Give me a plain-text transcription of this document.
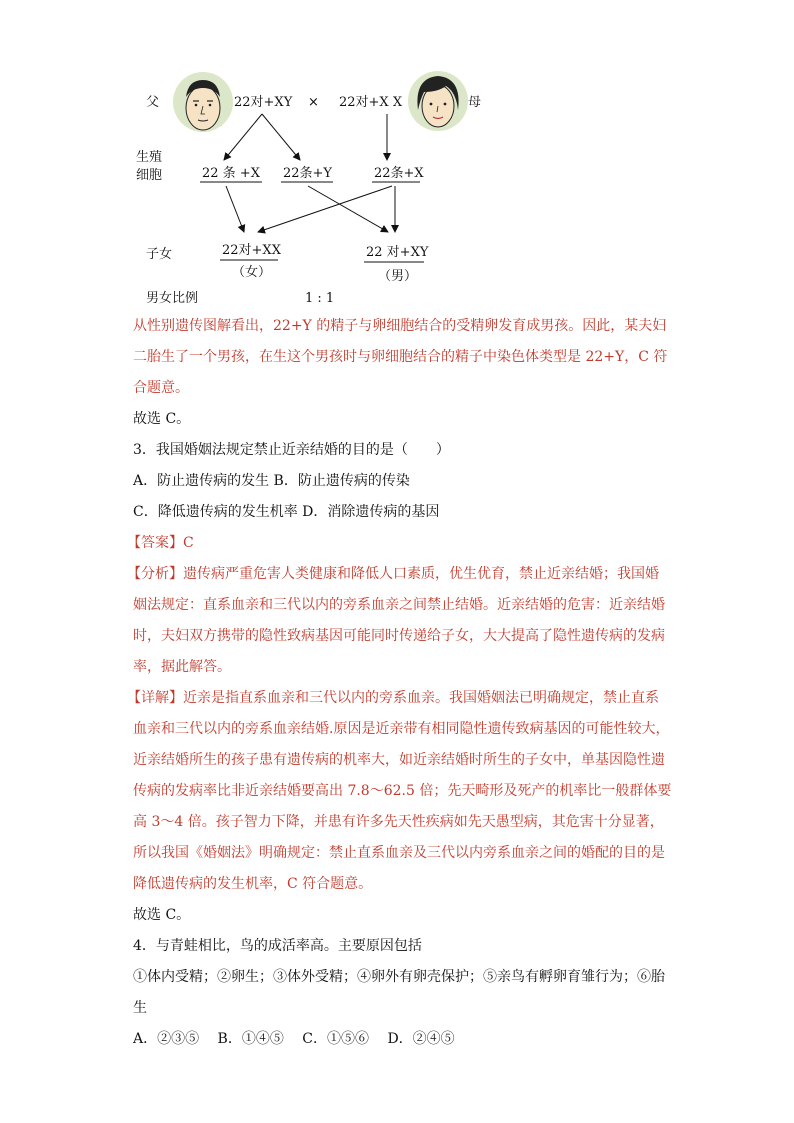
父	22对+XY × 22对+X X	母
生殖
细胞	22 条 +X 22条+Y	22条+X
子女	22对+XX
（女）
22 对+XY
（男）
男女比例	1 : 1

从性别遗传图解看出，22+Y 的精子与卵细胞结合的受精卵发育成男孩。因此，某夫妇

二胎生了一个男孩，在生这个男孩时与卵细胞结合的精子中染色体类型是 22+Y，C 符

合题意。

故选 C。

3．我国婚姻法规定禁止近亲结婚的目的是（　　）

A．防止遗传病的发生 B．防止遗传病的传染

C．降低遗传病的发生机率 D．消除遗传病的基因

【答案】C

【分析】遗传病严重危害人类健康和降低人口素质，优生优育，禁止近亲结婚；我国婚

姻法规定：直系血亲和三代以内的旁系血亲之间禁止结婚。近亲结婚的危害：近亲结婚

时，夫妇双方携带的隐性致病基因可能同时传递给子女，大大提高了隐性遗传病的发病

率，据此解答。

【详解】近亲是指直系血亲和三代以内的旁系血亲。我国婚姻法已明确规定，禁止直系

血亲和三代以内的旁系血亲结婚.原因是近亲带有相同隐性遗传致病基因的可能性较大，

近亲结婚所生的孩子患有遗传病的机率大，如近亲结婚时所生的子女中，单基因隐性遗

传病的发病率比非近亲结婚要高出 7.8～62.5 倍；先天畸形及死产的机率比一般群体要

高 3～4 倍。孩子智力下降，并患有许多先天性疾病如先天愚型病，其危害十分显著，

所以我国《婚姻法》明确规定：禁止直系血亲及三代以内旁系血亲之间的婚配的目的是

降低遗传病的发生机率，C 符合题意。

故选 C。

4．与青蛙相比，鸟的成活率高。主要原因包括

①体内受精；②卵生；③体外受精；④卵外有卵壳保护；⑤亲鸟有孵卵育雏行为；⑥胎

生

A．②③⑤　 B．①④⑤　 C．①⑤⑥　 D．②④⑤
